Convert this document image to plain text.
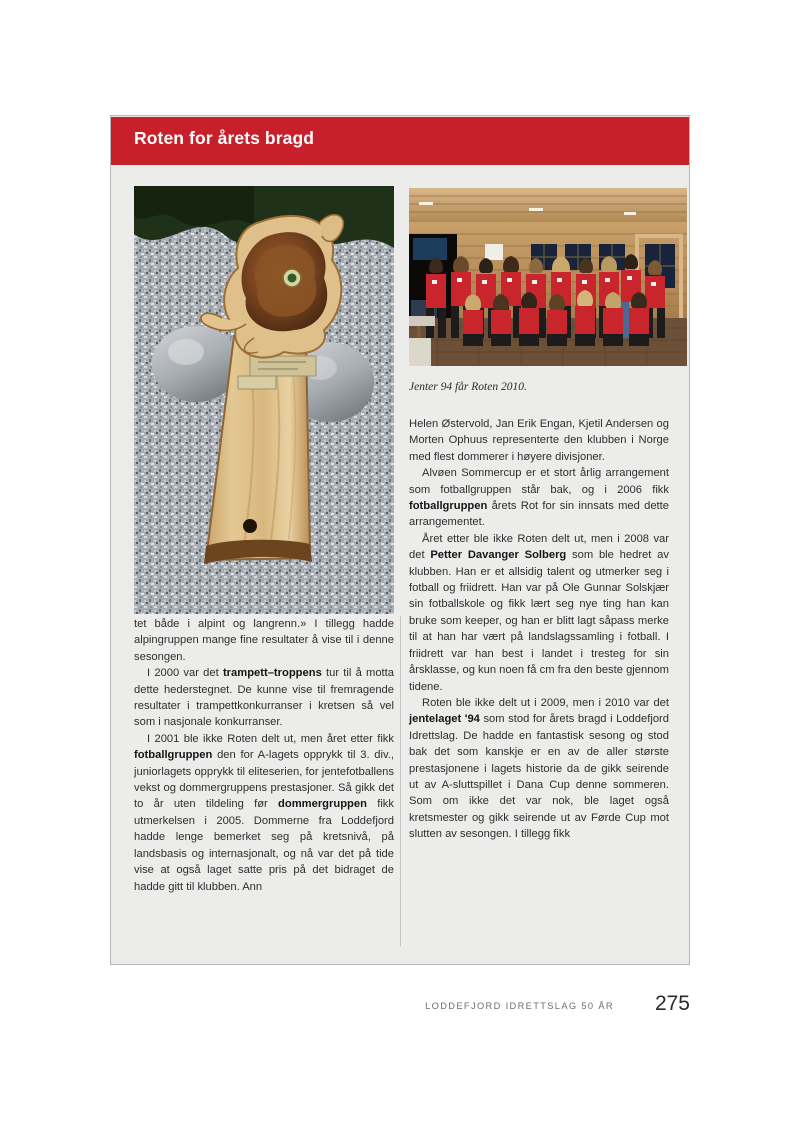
Roten for årets bragd
Jenter 94 får Roten 2010.

tet både i alpint og langrenn.» I tillegg hadde alpingruppen mange fine resultater å vise til i denne sesongen.

I 2000 var det trampett–troppens tur til å motta dette hederstegnet. De kunne vise til fremragende resultater i trampettkonkurranser i kretsen så vel som i nasjonale konkurranser.

I 2001 ble ikke Roten delt ut, men året etter fikk fotballgruppen den for A-lagets opprykk til 3. div., juniorlagets opprykk til eliteserien, for jentefotballens vekst og dommergruppens prestasjoner. Så gikk det to år uten tildeling før dommergruppen fikk utmerkelsen i 2005. Dommerne fra Loddefjord hadde lenge bemerket seg på kretsnivå, på landsbasis og internasjonalt, og nå var det på tide vise at også laget satte pris på det bidraget de hadde gitt til klubben. Ann

Helen Østervold, Jan Erik Engan, Kjetil Andersen og Morten Ophuus representerte den klubben i Norge med flest dommerer i høyere divisjoner.

Alvøen Sommercup er et stort årlig arrangement som fotballgruppen står bak, og i 2006 fikk fotballgruppen årets Rot for sin innsats med dette arrangementet.

Året etter ble ikke Roten delt ut, men i 2008 var det Petter Davanger Solberg som ble hedret av klubben. Han er et allsidig talent og utmerker seg i fotball og friidrett. Han var på Ole Gunnar Solskjær sin fotballskole og fikk lært seg nye ting han kan bruke som keeper, og han er blitt lagt såpass merke til at han har vært på landslagssamling i fotball. I friidrett var han best i landet i tresteg for sin årsklasse, og kun noen få cm fra den beste gjennom tidene.

Roten ble ikke delt ut i 2009, men i 2010 var det jentelaget '94 som stod for årets bragd i Loddefjord Idrettslag. De hadde en fantastisk sesong og stod bak det som kanskje er en av de aller største prestasjonene i lagets historie da de gikk seirende ut av A-sluttspillet i Dana Cup denne sommeren. Som om ikke det var nok, ble laget også kretsmester og gikk seirende ut av Førde Cup mot slutten av sesongen. I tillegg fikk

LODDEFJORD IDRETTSLAG 50 ÅR 275
